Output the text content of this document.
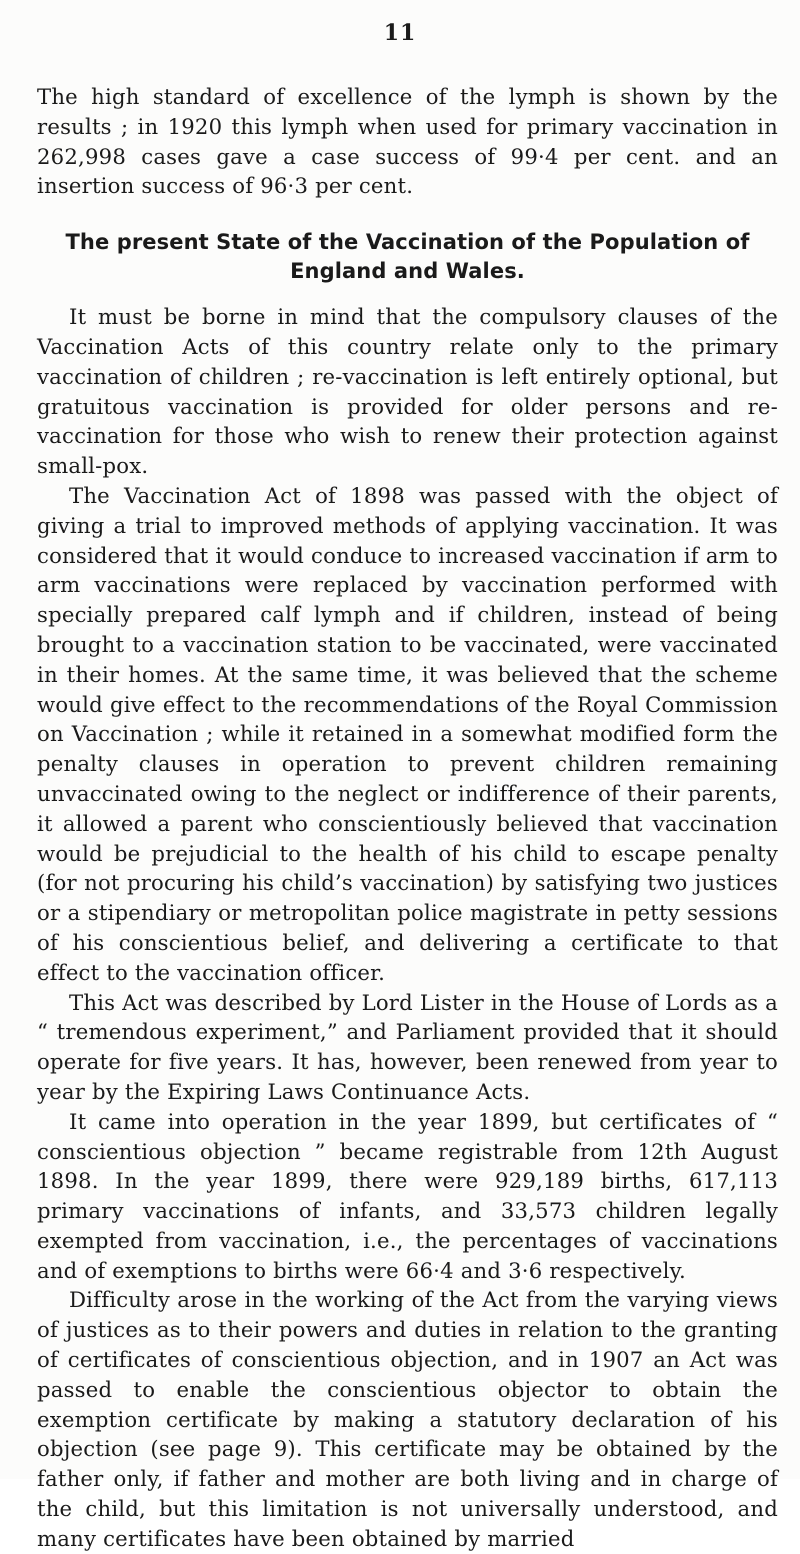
11

The high standard of excellence of the lymph is shown by the results ; in 1920 this lymph when used for primary vaccination in 262,998 cases gave a case success of 99·4 per cent. and an insertion success of 96·3 per cent.

The present State of the Vaccination of the Population of England and Wales.

It must be borne in mind that the compulsory clauses of the Vaccination Acts of this country relate only to the primary vaccination of children ; re-vaccination is left entirely optional, but gratuitous vaccination is provided for older persons and re-vaccination for those who wish to renew their protection against small-pox.

The Vaccination Act of 1898 was passed with the object of giving a trial to improved methods of applying vaccination. It was considered that it would conduce to increased vaccination if arm to arm vaccinations were replaced by vaccination performed with specially prepared calf lymph and if children, instead of being brought to a vaccination station to be vaccinated, were vaccinated in their homes. At the same time, it was believed that the scheme would give effect to the recommendations of the Royal Commission on Vaccination ; while it retained in a somewhat modified form the penalty clauses in operation to prevent children remaining unvaccinated owing to the neglect or indifference of their parents, it allowed a parent who conscientiously believed that vaccination would be prejudicial to the health of his child to escape penalty (for not procuring his child’s vaccination) by satisfying two justices or a stipendiary or metropolitan police magistrate in petty sessions of his conscientious belief, and delivering a certificate to that effect to the vaccination officer.

This Act was described by Lord Lister in the House of Lords as a “ tremendous experiment,” and Parliament provided that it should operate for five years. It has, however, been renewed from year to year by the Expiring Laws Continuance Acts.

It came into operation in the year 1899, but certificates of “ conscientious objection ” became registrable from 12th August 1898. In the year 1899, there were 929,189 births, 617,113 primary vaccinations of infants, and 33,573 children legally exempted from vaccination, i.e., the percentages of vaccinations and of exemptions to births were 66·4 and 3·6 respectively.

Difficulty arose in the working of the Act from the varying views of justices as to their powers and duties in relation to the granting of certificates of conscientious objection, and in 1907 an Act was passed to enable the conscientious objector to obtain the exemption certificate by making a statutory declaration of his objection (see page 9). This certificate may be obtained by the father only, if father and mother are both living and in charge of the child, but this limitation is not universally understood, and many certificates have been obtained by married
